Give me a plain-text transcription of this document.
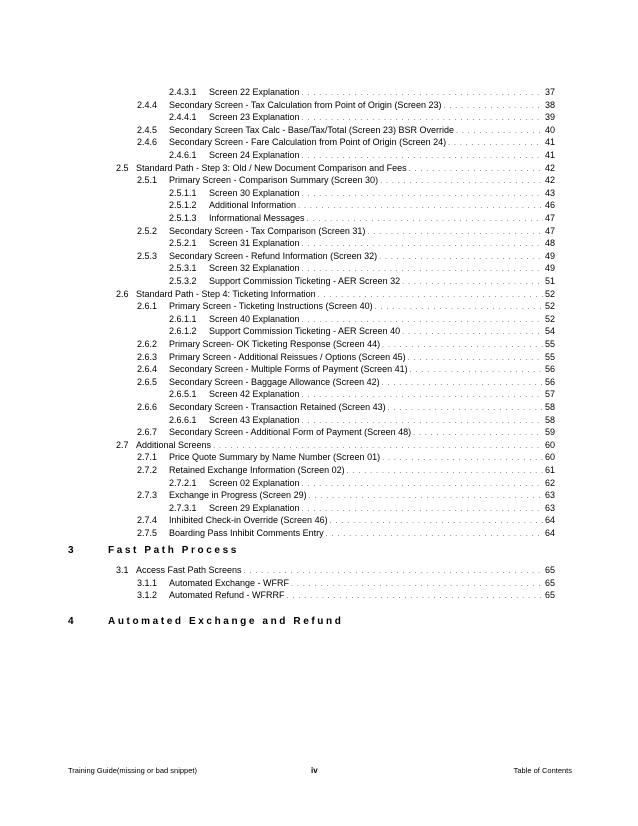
2.4.3.1	Screen 22 Explanation . . .	37
2.4.4	Secondary Screen - Tax Calculation from Point of Origin (Screen 23) . . .	38
2.4.4.1	Screen 23 Explanation . . .	39
2.4.5	Secondary Screen Tax Calc - Base/Tax/Total (Screen 23) BSR Override . . .	40
2.4.6	Secondary Screen - Fare Calculation from Point of Origin (Screen 24) . . .	41
2.4.6.1	Screen 24 Explanation . . .	41
2.5 Standard Path - Step 3: Old / New Document Comparison and Fees . . .	42
2.5.1	Primary Screen - Comparison Summary (Screen 30) . . .	42
2.5.1.1	Screen 30 Explanation . . .	43
2.5.1.2	Additional Information . . .	46
2.5.1.3	Informational Messages . . .	47
2.5.2	Secondary Screen - Tax Comparison (Screen 31) . . .	47
2.5.2.1	Screen 31 Explanation . . .	48
2.5.3	Secondary Screen - Refund Information (Screen 32) . . .	49
2.5.3.1	Screen 32 Explanation . . .	49
2.5.3.2	Support Commission Ticketing - AER Screen 32 . . .	51
2.6 Standard Path - Step 4: Ticketing Information . . .	52
2.6.1	Primary Screen - Ticketing Instructions (Screen 40) . . .	52
2.6.1.1	Screen 40 Explanation . . .	52
2.6.1.2	Support Commission Ticketing - AER Screen 40 . . .	54
2.6.2	Primary Screen- OK Ticketing Response (Screen 44) . . .	55
2.6.3	Primary Screen - Additional Reissues / Options (Screen 45) . . .	55
2.6.4	Secondary Screen - Multiple Forms of Payment (Screen 41) . . .	56
2.6.5	Secondary Screen - Baggage Allowance (Screen 42) . . .	56
2.6.5.1	Screen 42 Explanation . . .	57
2.6.6	Secondary Screen - Transaction Retained (Screen 43) . . .	58
2.6.6.1	Screen 43 Explanation . . .	58
2.6.7	Secondary Screen - Additional Form of Payment (Screen 48) . . .	59
2.7 Additional Screens . . .	60
2.7.1	Price Quote Summary by Name Number (Screen 01) . . .	60
2.7.2	Retained Exchange Information (Screen 02) . . .	61
2.7.2.1	Screen 02 Explanation . . .	62
2.7.3	Exchange in Progress (Screen 29) . . .	63
2.7.3.1	Screen 29 Explanation . . .	63
2.7.4	Inhibited Check-in Override (Screen 46) . . .	64
2.7.5	Boarding Pass Inhibit Comments Entry . . .	64
3	Fast Path Process
3.1 Access Fast Path Screens . . .	65
3.1.1	Automated Exchange - WFRF . . .	65
3.1.2	Automated Refund - WFRRF . . .	65
4	Automated Exchange and Refund
Training Guide(missing or bad snippet)	iv	Table of Contents
